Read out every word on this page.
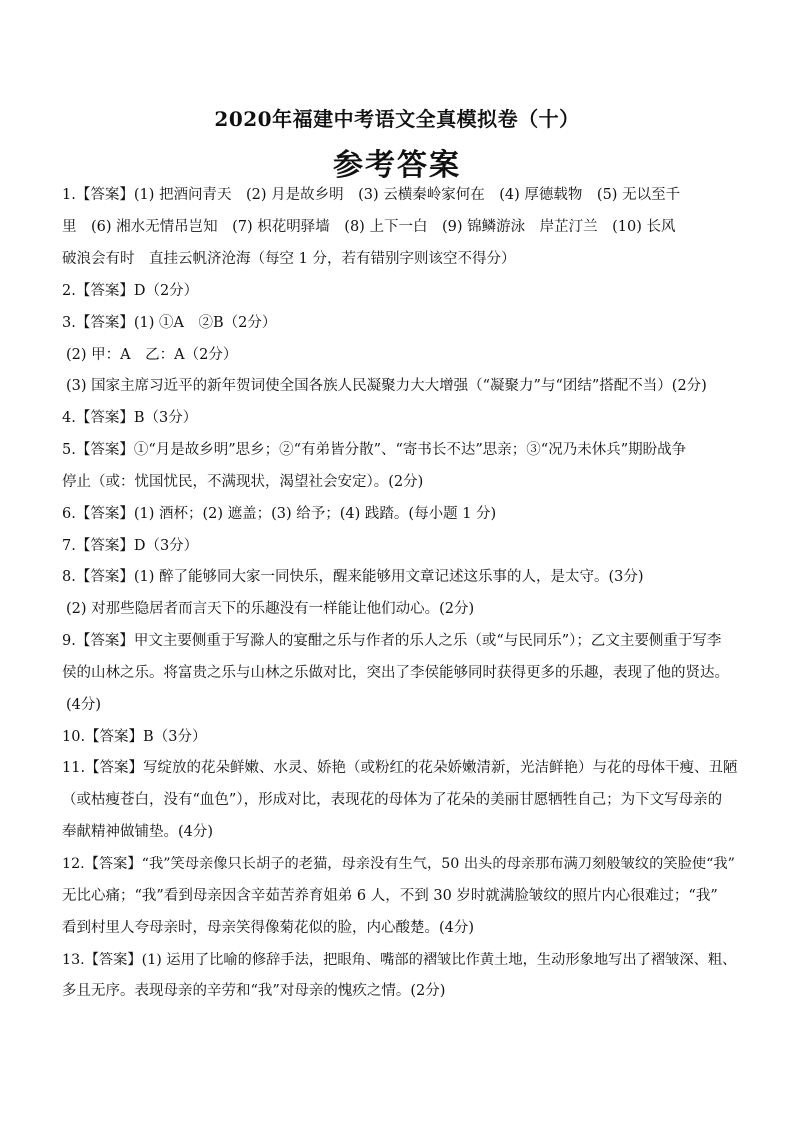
2020年福建中考语文全真模拟卷（十）
参考答案
1.【答案】(1) 把酒问青天　(2) 月是故乡明　(3) 云横秦岭家何在　(4) 厚德载物　(5) 无以至千
里　(6) 湘水无情吊岂知　(7) 枳花明驿墙　(8) 上下一白　(9) 锦鳞游泳　岸芷汀兰　(10) 长风
破浪会有时　直挂云帆济沧海（每空 1 分，若有错别字则该空不得分）
2.【答案】D（2分）
3.【答案】(1) ①A　②B（2分）
(2) 甲：A　乙：A（2分）
(3) 国家主席习近平的新年贺词使全国各族人民凝聚力大大增强（“凝聚力”与“团结”搭配不当）(2分)
4.【答案】B（3分）
5.【答案】①“月是故乡明”思乡；②“有弟皆分散”、“寄书长不达”思亲；③“况乃未休兵”期盼战争
停止（或：忧国忧民，不满现状，渴望社会安定）。(2分)
6.【答案】(1) 酒杯；(2) 遮盖；(3) 给予；(4) 践踏。(每小题 1 分)
7.【答案】D（3分）
8.【答案】(1) 醉了能够同大家一同快乐，醒来能够用文章记述这乐事的人，是太守。(3分)
(2) 对那些隐居者而言天下的乐趣没有一样能让他们动心。(2分)
9.【答案】甲文主要侧重于写滁人的宴酣之乐与作者的乐人之乐（或“与民同乐”）；乙文主要侧重于写李
侯的山林之乐。将富贵之乐与山林之乐做对比，突出了李侯能够同时获得更多的乐趣，表现了他的贤达。
(4分)
10.【答案】B（3分）
11.【答案】写绽放的花朵鲜嫩、水灵、娇艳（或粉红的花朵娇嫩清新，光洁鲜艳）与花的母体干瘦、丑陋
（或枯瘦苍白，没有“血色”），形成对比，表现花的母体为了花朵的美丽甘愿牺牲自己；为下文写母亲的
奉献精神做铺垫。(4分)
12.【答案】“我”笑母亲像只长胡子的老猫，母亲没有生气，50 出头的母亲那布满刀刻般皱纹的笑脸使“我”
无比心痛；“我”看到母亲因含辛茹苦养育姐弟 6 人，不到 30 岁时就满脸皱纹的照片内心很难过；“我”
看到村里人夸母亲时，母亲笑得像菊花似的脸，内心酸楚。(4分)
13.【答案】(1) 运用了比喻的修辞手法，把眼角、嘴部的褶皱比作黄土地，生动形象地写出了褶皱深、粗、
多且无序。表现母亲的辛劳和“我”对母亲的愧疚之情。(2分)
